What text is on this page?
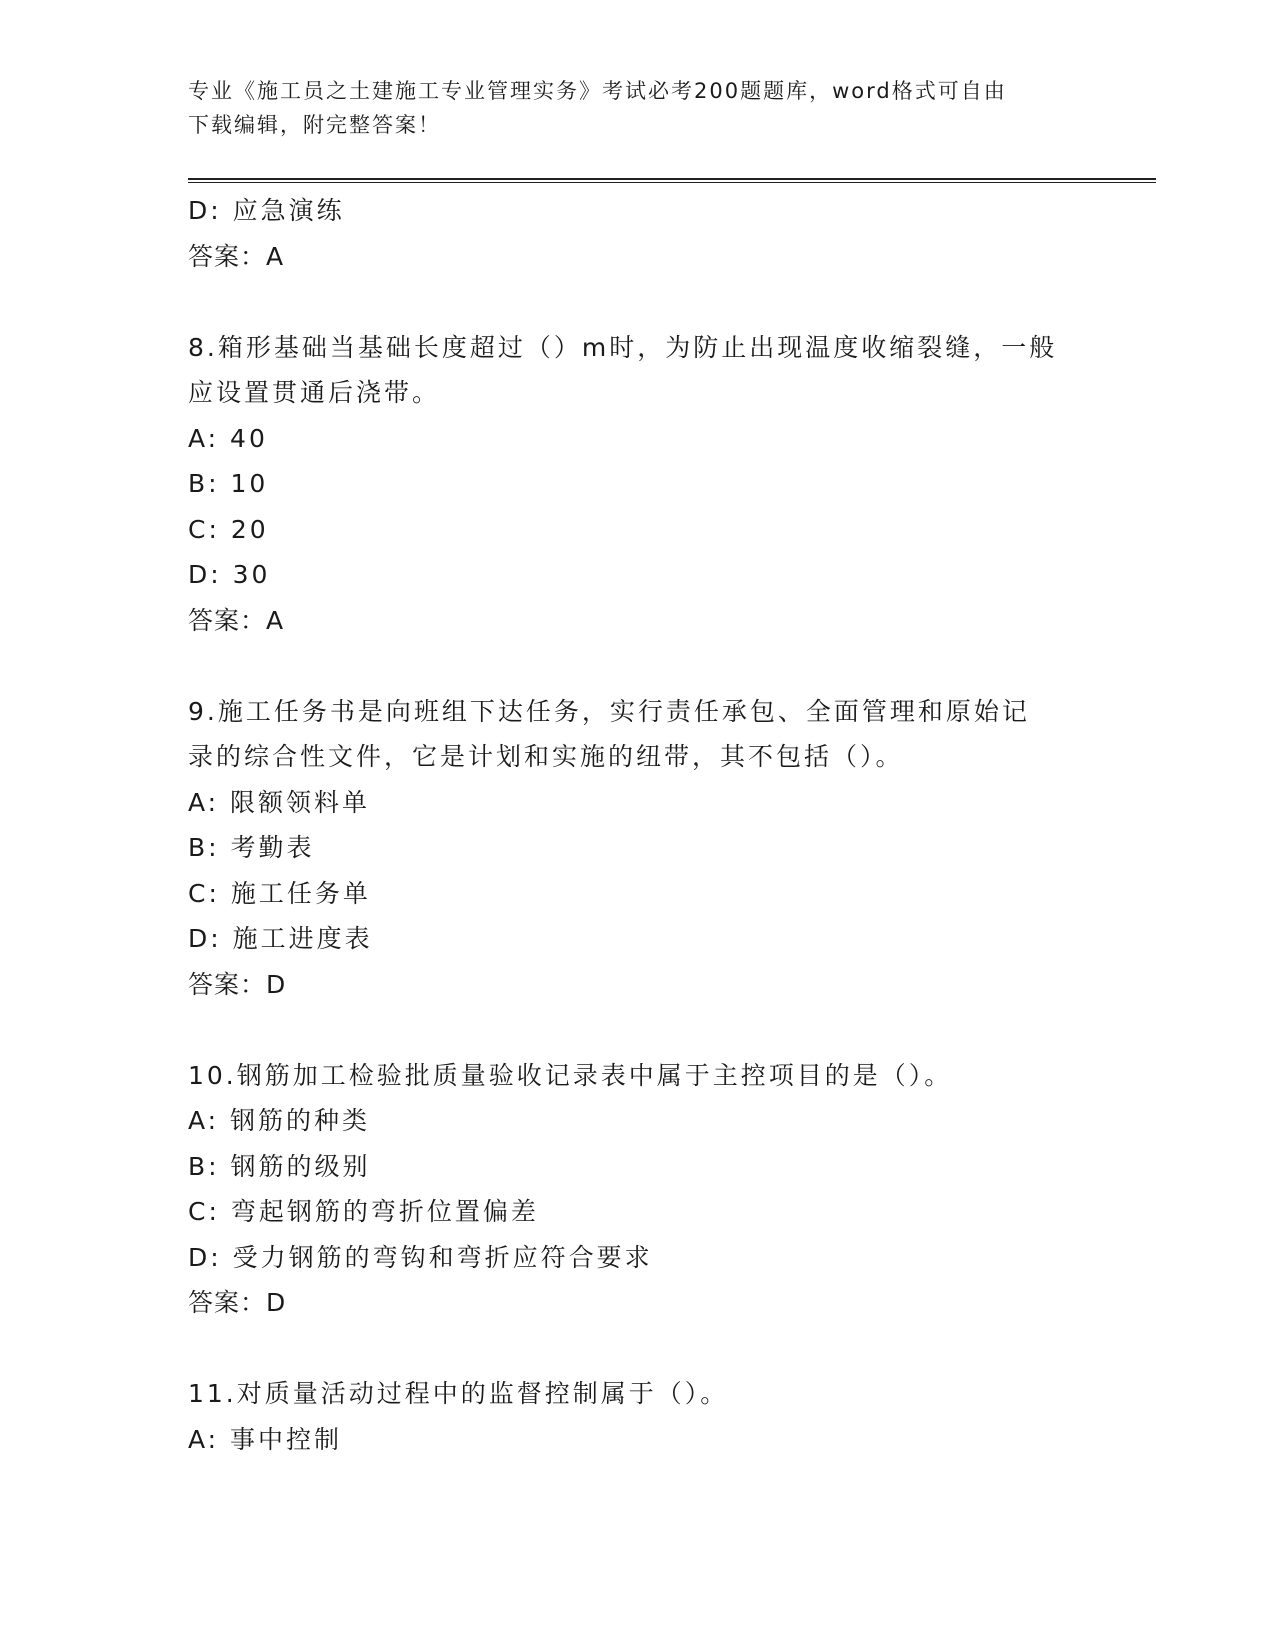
专业《施工员之土建施工专业管理实务》考试必考200题题库，word格式可自由
下载编辑，附完整答案！
D: 应急演练
答案：A
8.箱形基础当基础长度超过（）m时，为防止出现温度收缩裂缝，一般
应设置贯通后浇带。
A: 40
B: 10
C: 20
D: 30
答案：A
9.施工任务书是向班组下达任务，实行责任承包、全面管理和原始记
录的综合性文件，它是计划和实施的纽带，其不包括（）。
A: 限额领料单
B: 考勤表
C: 施工任务单
D: 施工进度表
答案：D
10.钢筋加工检验批质量验收记录表中属于主控项目的是（）。
A: 钢筋的种类
B: 钢筋的级别
C: 弯起钢筋的弯折位置偏差
D: 受力钢筋的弯钩和弯折应符合要求
答案：D
11.对质量活动过程中的监督控制属于（）。
A: 事中控制
